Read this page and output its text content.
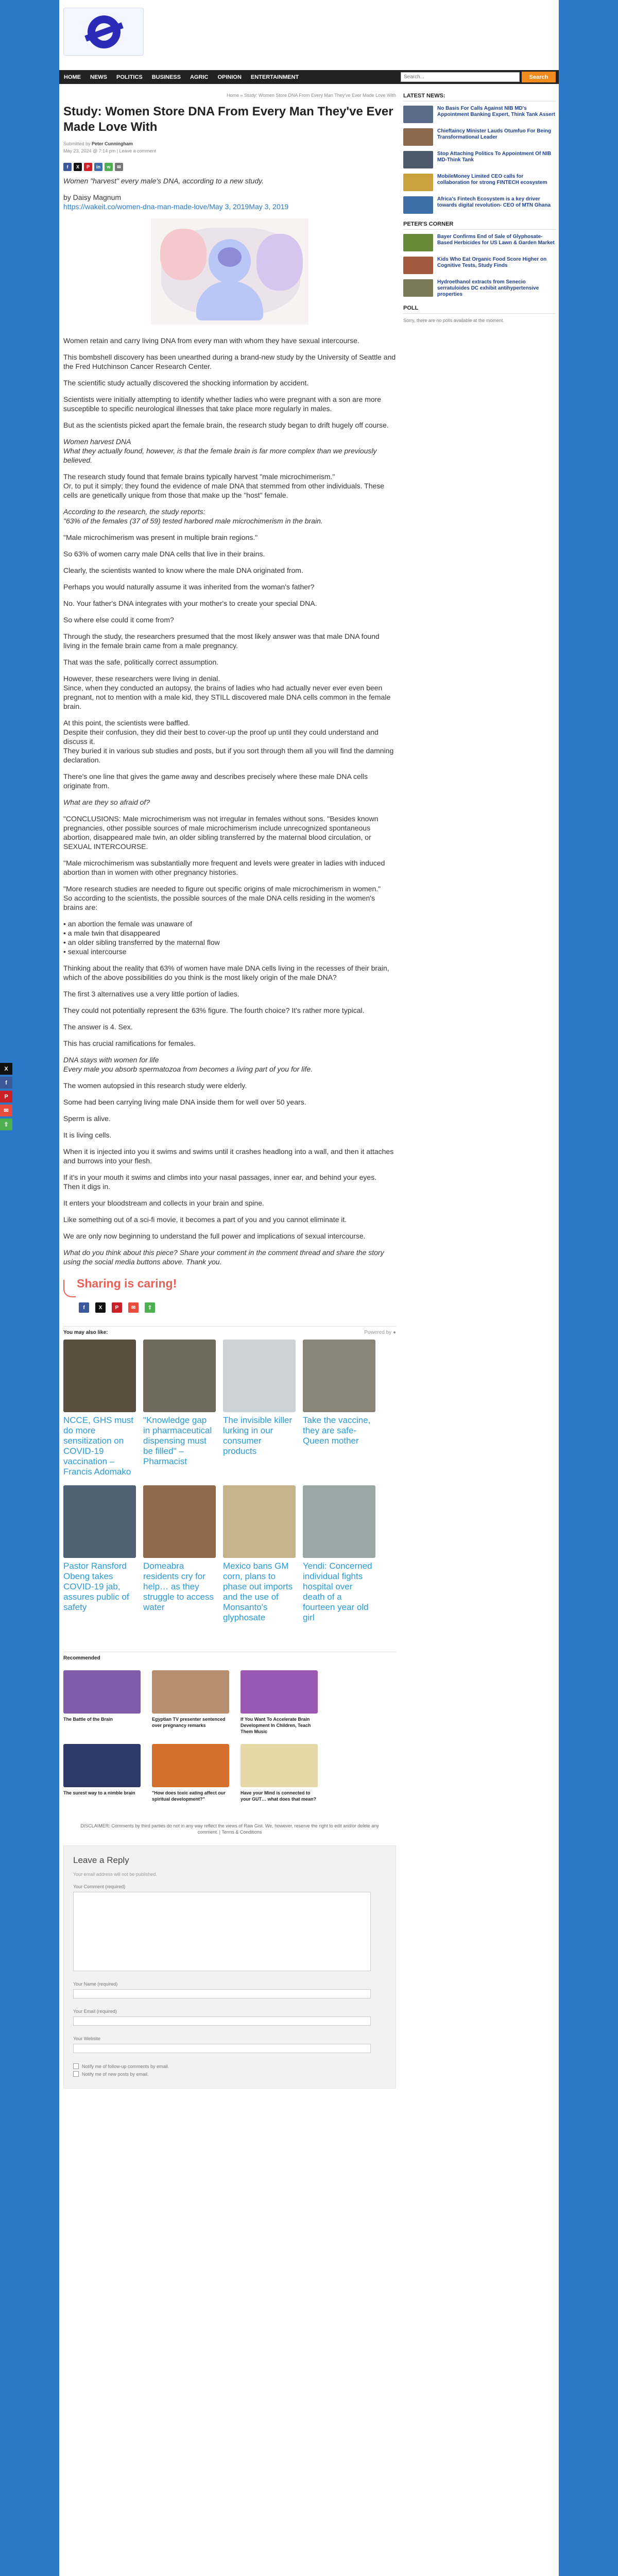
X
f
P
✉
⇪
HOME	NEWS	POLITICS	BUSINESS	AGRIC	OPINION	ENTERTAINMENT
Search...	Search
Home » Study: Women Store DNA From Every Man They've Ever Made Love With
Study: Women Store DNA From Every Man They've Ever Made Love With
Submitted by Peter Cunningham
May 23, 2024 @ 7:14 pm | Leave a comment
f	X	P	in	w	✉

Women "harvest" every male's DNA, according to a new study.

by Daisy Magnum

https://wakeit.co/women-dna-man-made-love/May 3, 2019May 3, 2019

Women retain and carry living DNA from every man with whom they have sexual intercourse.

This bombshell discovery has been unearthed during a brand-new study by the University of Seattle and the Fred Hutchinson Cancer Research Center.

The scientific study actually discovered the shocking information by accident.

Scientists were initially attempting to identify whether ladies who were pregnant with a son are more susceptible to specific neurological illnesses that take place more regularly in males.

But as the scientists picked apart the female brain, the research study began to drift hugely off course.

Women harvest DNA
What they actually found, however, is that the female brain is far more complex than we previously believed.

The research study found that female brains typically harvest "male microchimerism."
Or, to put it simply; they found the evidence of male DNA that stemmed from other individuals. These cells are genetically unique from those that make up the "host" female.

According to the research, the study reports:
"63% of the females (37 of 59) tested harbored male microchimerism in the brain.

"Male microchimerism was present in multiple brain regions."

So 63% of women carry male DNA cells that live in their brains.

Clearly, the scientists wanted to know where the male DNA originated from.

Perhaps you would naturally assume it was inherited from the woman's father?

No. Your father's DNA integrates with your mother's to create your special DNA.

So where else could it come from?

Through the study, the researchers presumed that the most likely answer was that male DNA found living in the female brain came from a male pregnancy.

That was the safe, politically correct assumption.

However, these researchers were living in denial.
Since, when they conducted an autopsy, the brains of ladies who had actually never ever even been pregnant, not to mention with a male kid, they STILL discovered male DNA cells common in the female brain.

At this point, the scientists were baffled.
Despite their confusion, they did their best to cover-up the proof up until they could understand and discuss it.
They buried it in various sub studies and posts, but if you sort through them all you will find the damning declaration.

There's one line that gives the game away and describes precisely where these male DNA cells originate from.

What are they so afraid of?

"CONCLUSIONS: Male microchimerism was not irregular in females without sons. "Besides known pregnancies, other possible sources of male microchimerism include unrecognized spontaneous abortion, disappeared male twin, an older sibling transferred by the maternal blood circulation, or SEXUAL INTERCOURSE.

"Male microchimerism was substantially more frequent and levels were greater in ladies with induced abortion than in women with other pregnancy histories.

"More research studies are needed to figure out specific origins of male microchimerism in women."
So according to the scientists, the possible sources of the male DNA cells residing in the women's brains are:

• an abortion the female was unaware of
• a male twin that disappeared
• an older sibling transferred by the maternal flow
• sexual intercourse

Thinking about the reality that 63% of women have male DNA cells living in the recesses of their brain, which of the above possibilities do you think is the most likely origin of the male DNA?

The first 3 alternatives use a very little portion of ladies.

They could not potentially represent the 63% figure. The fourth choice? It's rather more typical.

The answer is 4. Sex.

This has crucial ramifications for females.

DNA stays with women for life
Every male you absorb spermatozoa from becomes a living part of you for life.

The women autopsied in this research study were elderly.

Some had been carrying living male DNA inside them for well over 50 years.

Sperm is alive.

It is living cells.

When it is injected into you it swims and swims until it crashes headlong into a wall, and then it attaches and burrows into your flesh.

If it's in your mouth it swims and climbs into your nasal passages, inner ear, and behind your eyes.
Then it digs in.

It enters your bloodstream and collects in your brain and spine.

Like something out of a sci-fi movie, it becomes a part of you and you cannot eliminate it.

We are only now beginning to understand the full power and implications of sexual intercourse.

What do you think about this piece? Share your comment in the comment thread and share the story using the social media buttons above. Thank you.

Sharing is caring!
f	X	P	✉	⇪
You may also like:	Powered by ●
NCCE, GHS must do more sensitization on COVID-19 vaccination – Francis Adomako
"Knowledge gap in pharmaceutical dispensing must be filled" – Pharmacist
The invisible killer lurking in our consumer products
Take the vaccine, they are safe- Queen mother
Pastor Ransford Obeng takes COVID-19 jab, assures public of safety
Domeabra residents cry for help… as they struggle to access water
Mexico bans GM corn, plans to phase out imports and the use of Monsanto's glyphosate
Yendi: Concerned individual fights hospital over death of a fourteen year old girl
Recommended
The Battle of the Brain	Egyptian TV presenter sentenced over pregnancy remarks
If You Want To Accelerate Brain Development In Children, Teach Them Music
The surest way to a nimble brain	"How does toxic eating affect our spiritual development?"
Have your Mind is connected to your GUT… what does that mean?
DISCLAIMER: Comments by third parties do not in any way reflect the views of Raw Gist. We, however, reserve the right to edit and/or delete any comment. | Terms & Conditions
Leave a Reply
Your email address will not be published.
Your Comment (required)
Your Name (required)
Your Email (required)
Your Website
Notify me of follow-up comments by email.
Notify me of new posts by email.
LATEST NEWS:
No Basis For Calls Against NIB MD's Appointment Banking Expert, Think Tank Assert
Chieftaincy Minister Lauds Otumfuo For Being Transformational Leader
Stop Attaching Politics To Appointment Of NIB MD-Think Tank
MobileMoney Limited CEO calls for collaboration for strong FINTECH ecosystem
Africa's Fintech Ecosystem is a key driver towards digital revolution- CEO of MTN Ghana
PETER'S CORNER
Bayer Confirms End of Sale of Glyphosate-Based Herbicides for US Lawn & Garden Market
Kids Who Eat Organic Food Score Higher on Cognitive Tests, Study Finds
Hydroethanol extracts from Senecio serratuloides DC exhibit antihypertensive properties
POLL
Sorry, there are no polls available at the moment.
